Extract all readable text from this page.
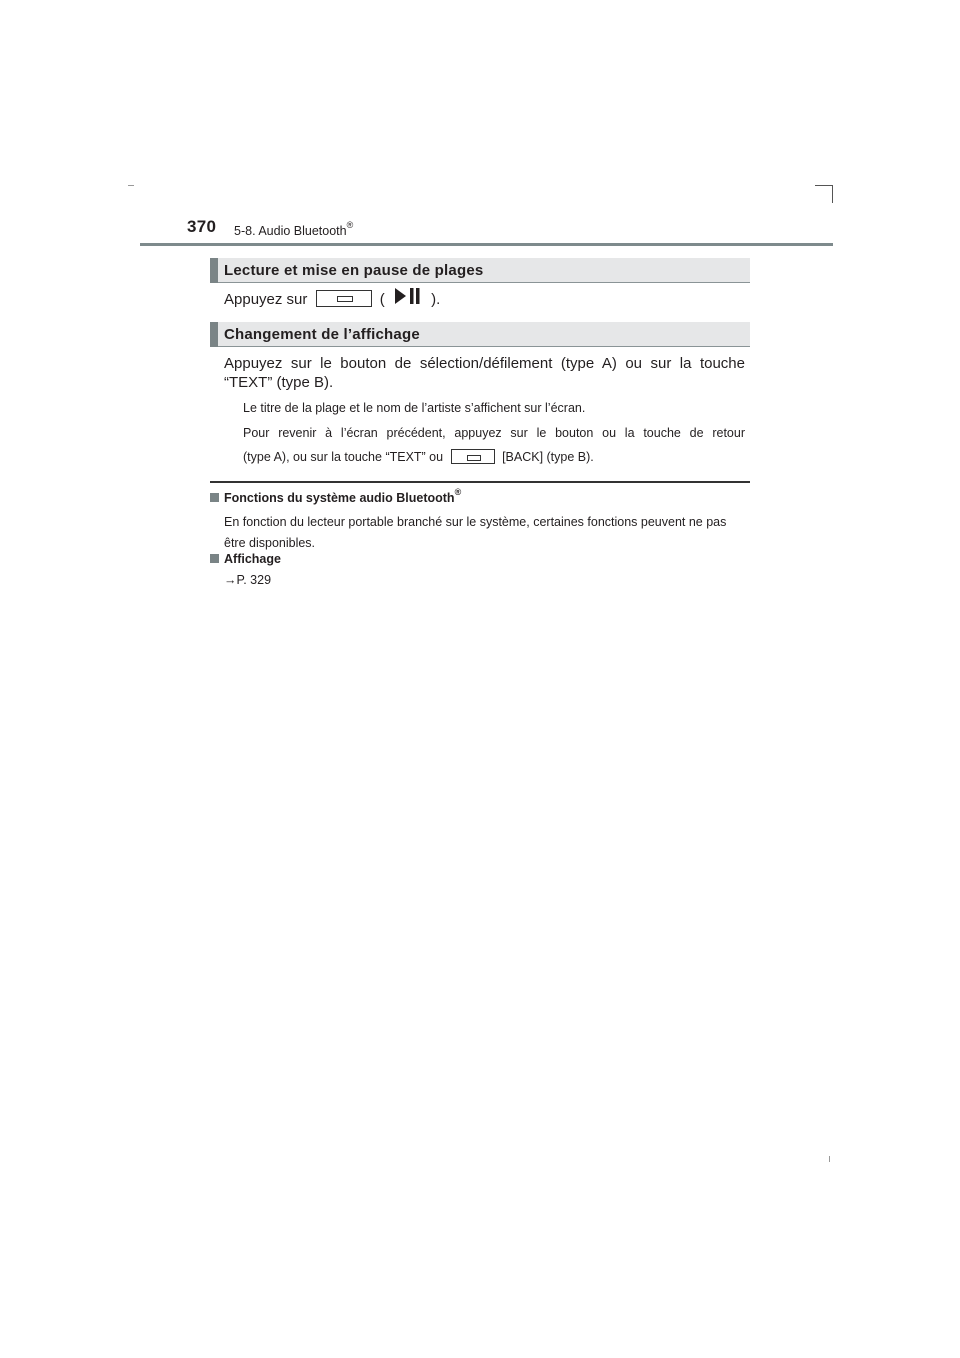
370 5-8. Audio Bluetooth®
Lecture et mise en pause de plages
Appuyez sur	(	).
Changement de l’affichage
Appuyez sur le bouton de sélection/défilement (type A) ou sur la touche
“TEXT” (type B).
Le titre de la plage et le nom de l’artiste s’affichent sur l’écran.
Pour revenir à l’écran précédent, appuyez sur le bouton ou la touche de retour
(type A), ou sur la touche “TEXT” ou	[BACK] (type B).
Fonctions du système audio Bluetooth®
En fonction du lecteur portable branché sur le système, certaines fonctions peuvent ne pas être disponibles.
Affichage
→P. 329
